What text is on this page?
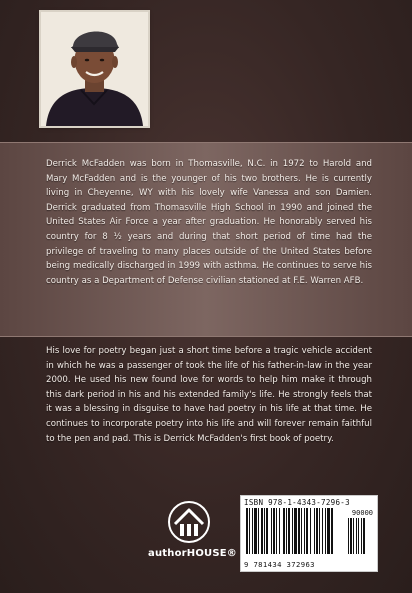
Derrick McFadden was born in Thomasville, N.C. in 1972 to Harold and Mary McFadden and is the younger of his two brothers. He is currently living in Cheyenne, WY with his lovely wife Vanessa and son Damien. Derrick graduated from Thomasville High School in 1990 and joined the United States Air Force a year after graduation. He honorably served his country for 8 ½ years and during that short period of time had the privilege of traveling to many places outside of the United States before being medically discharged in 1999 with asthma. He continues to serve his country as a Department of Defense civilian stationed at F.E. Warren AFB.

His love for poetry began just a short time before a tragic vehicle accident in which he was a passenger of took the life of his father-in-law in the year 2000. He used his new found love for words to help him make it through this dark period in his and his extended family's life. He strongly feels that it was a blessing in disguise to have had poetry in his life at that time. He continues to incorporate poetry into his life and will forever remain faithful to the pen and pad. This is Derrick McFadden's first book of poetry.

authorHOUSE®
ISBN 978-1-4343-7296-3
90000
9 781434 372963
